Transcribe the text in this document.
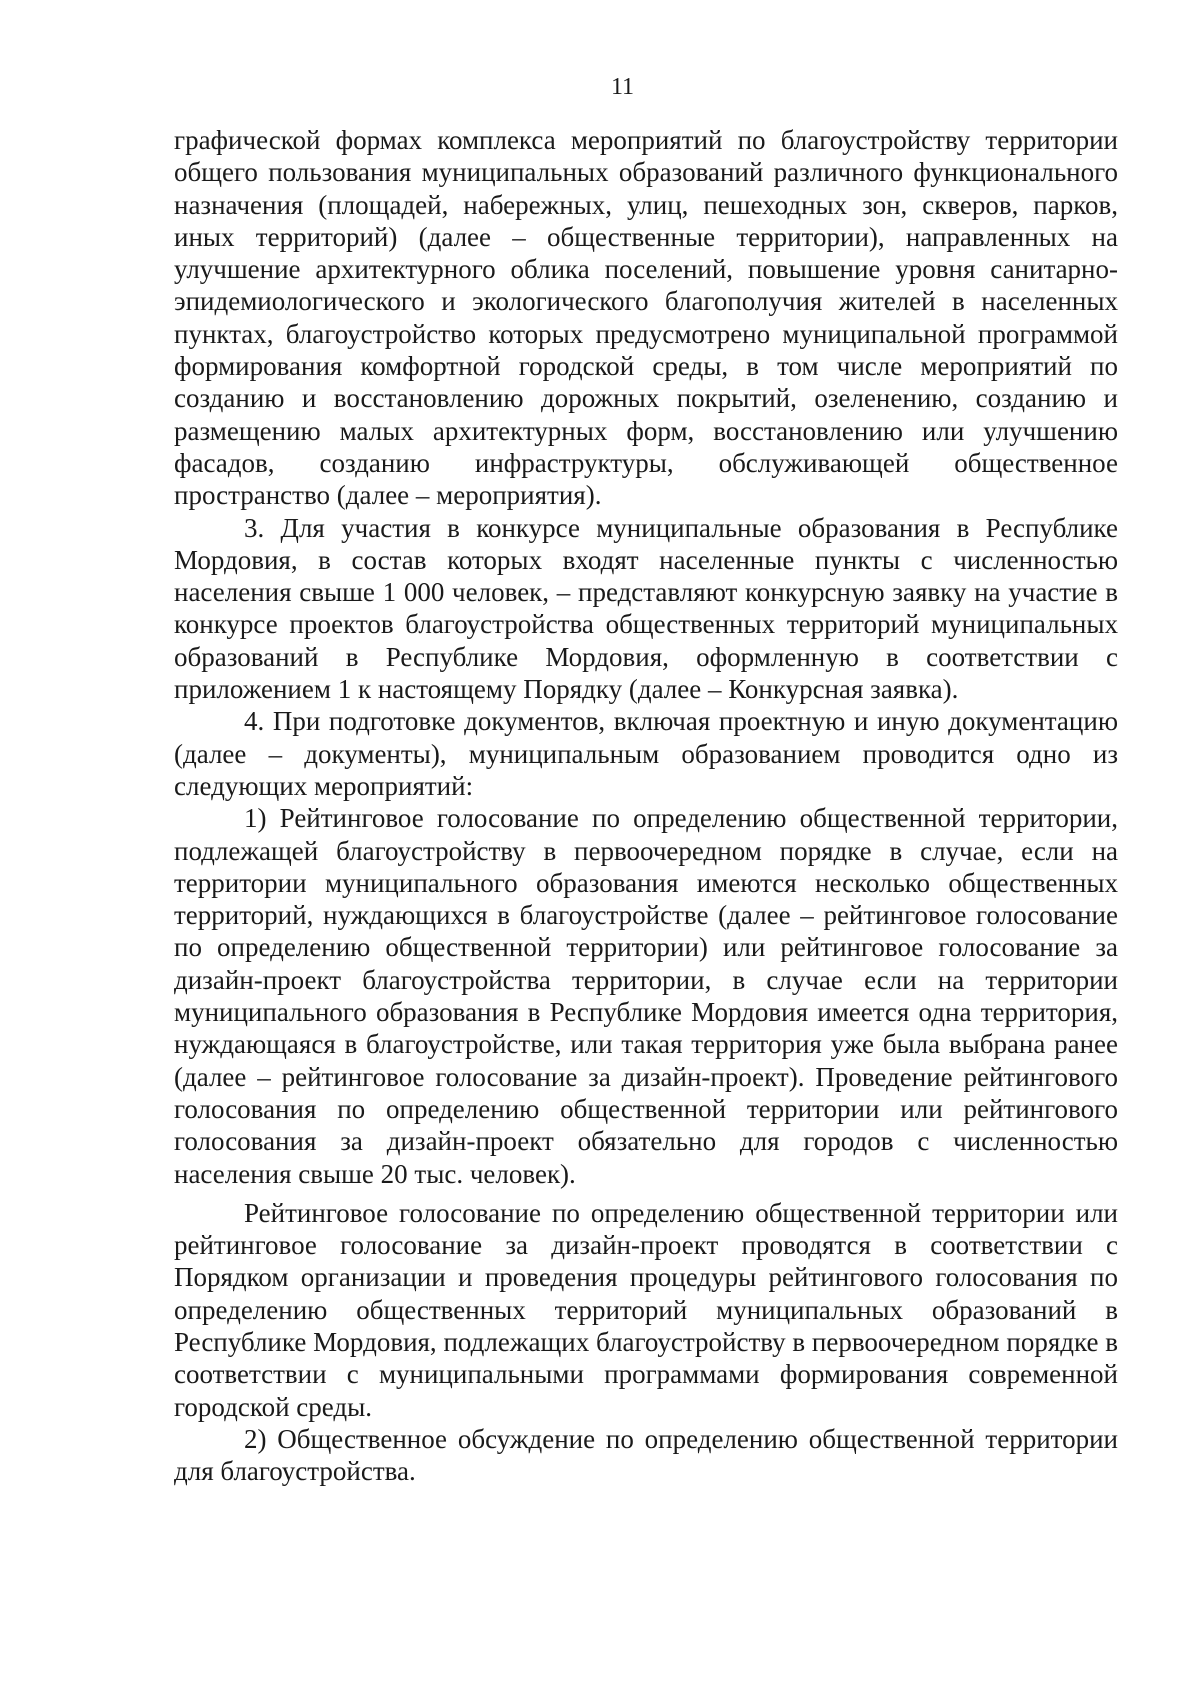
11

графической формах комплекса мероприятий по благоустройству территории общего пользования муниципальных образований различного функционального назначения (площадей, набережных, улиц, пешеходных зон, скверов, парков, иных территорий) (далее – общественные территории), направленных на улучшение архитектурного облика поселений, повышение уровня санитарно-эпидемиологического и экологического благополучия жителей в населенных пунктах, благоустройство которых предусмотрено муниципальной программой формирования комфортной городской среды, в том числе мероприятий по созданию и восстановлению дорожных покрытий, озеленению, созданию и размещению малых архитектурных форм, восстановлению или улучшению фасадов, созданию инфраструктуры, обслуживающей общественное пространство (далее – мероприятия).

3. Для участия в конкурсе муниципальные образования в Республике Мордовия, в состав которых входят населенные пункты с численностью населения свыше 1 000 человек, – представляют конкурсную заявку на участие в конкурсе проектов благоустройства общественных территорий муниципальных образований в Республике Мордовия, оформленную в соответствии с приложением 1 к настоящему Порядку (далее – Конкурсная заявка).

4. При подготовке документов, включая проектную и иную документацию (далее – документы), муниципальным образованием проводится одно из следующих мероприятий:

1) Рейтинговое голосование по определению общественной территории, подлежащей благоустройству в первоочередном порядке в случае, если на территории муниципального образования имеются несколько общественных территорий, нуждающихся в благоустройстве (далее – рейтинговое голосование по определению общественной территории) или рейтинговое голосование за дизайн-проект благоустройства территории, в случае если на территории муниципального образования в Республике Мордовия имеется одна территория, нуждающаяся в благоустройстве, или такая территория уже была выбрана ранее (далее – рейтинговое голосование за дизайн-проект). Проведение рейтингового голосования по определению общественной территории или рейтингового голосования за дизайн-проект обязательно для городов с численностью населения свыше 20 тыс. человек).

Рейтинговое голосование по определению общественной территории или рейтинговое голосование за дизайн-проект проводятся в соответствии с Порядком организации и проведения процедуры рейтингового голосования по определению общественных территорий муниципальных образований в Республике Мордовия, подлежащих благоустройству в первоочередном порядке в соответствии с муниципальными программами формирования современной городской среды.

2) Общественное обсуждение по определению общественной территории для благоустройства.
